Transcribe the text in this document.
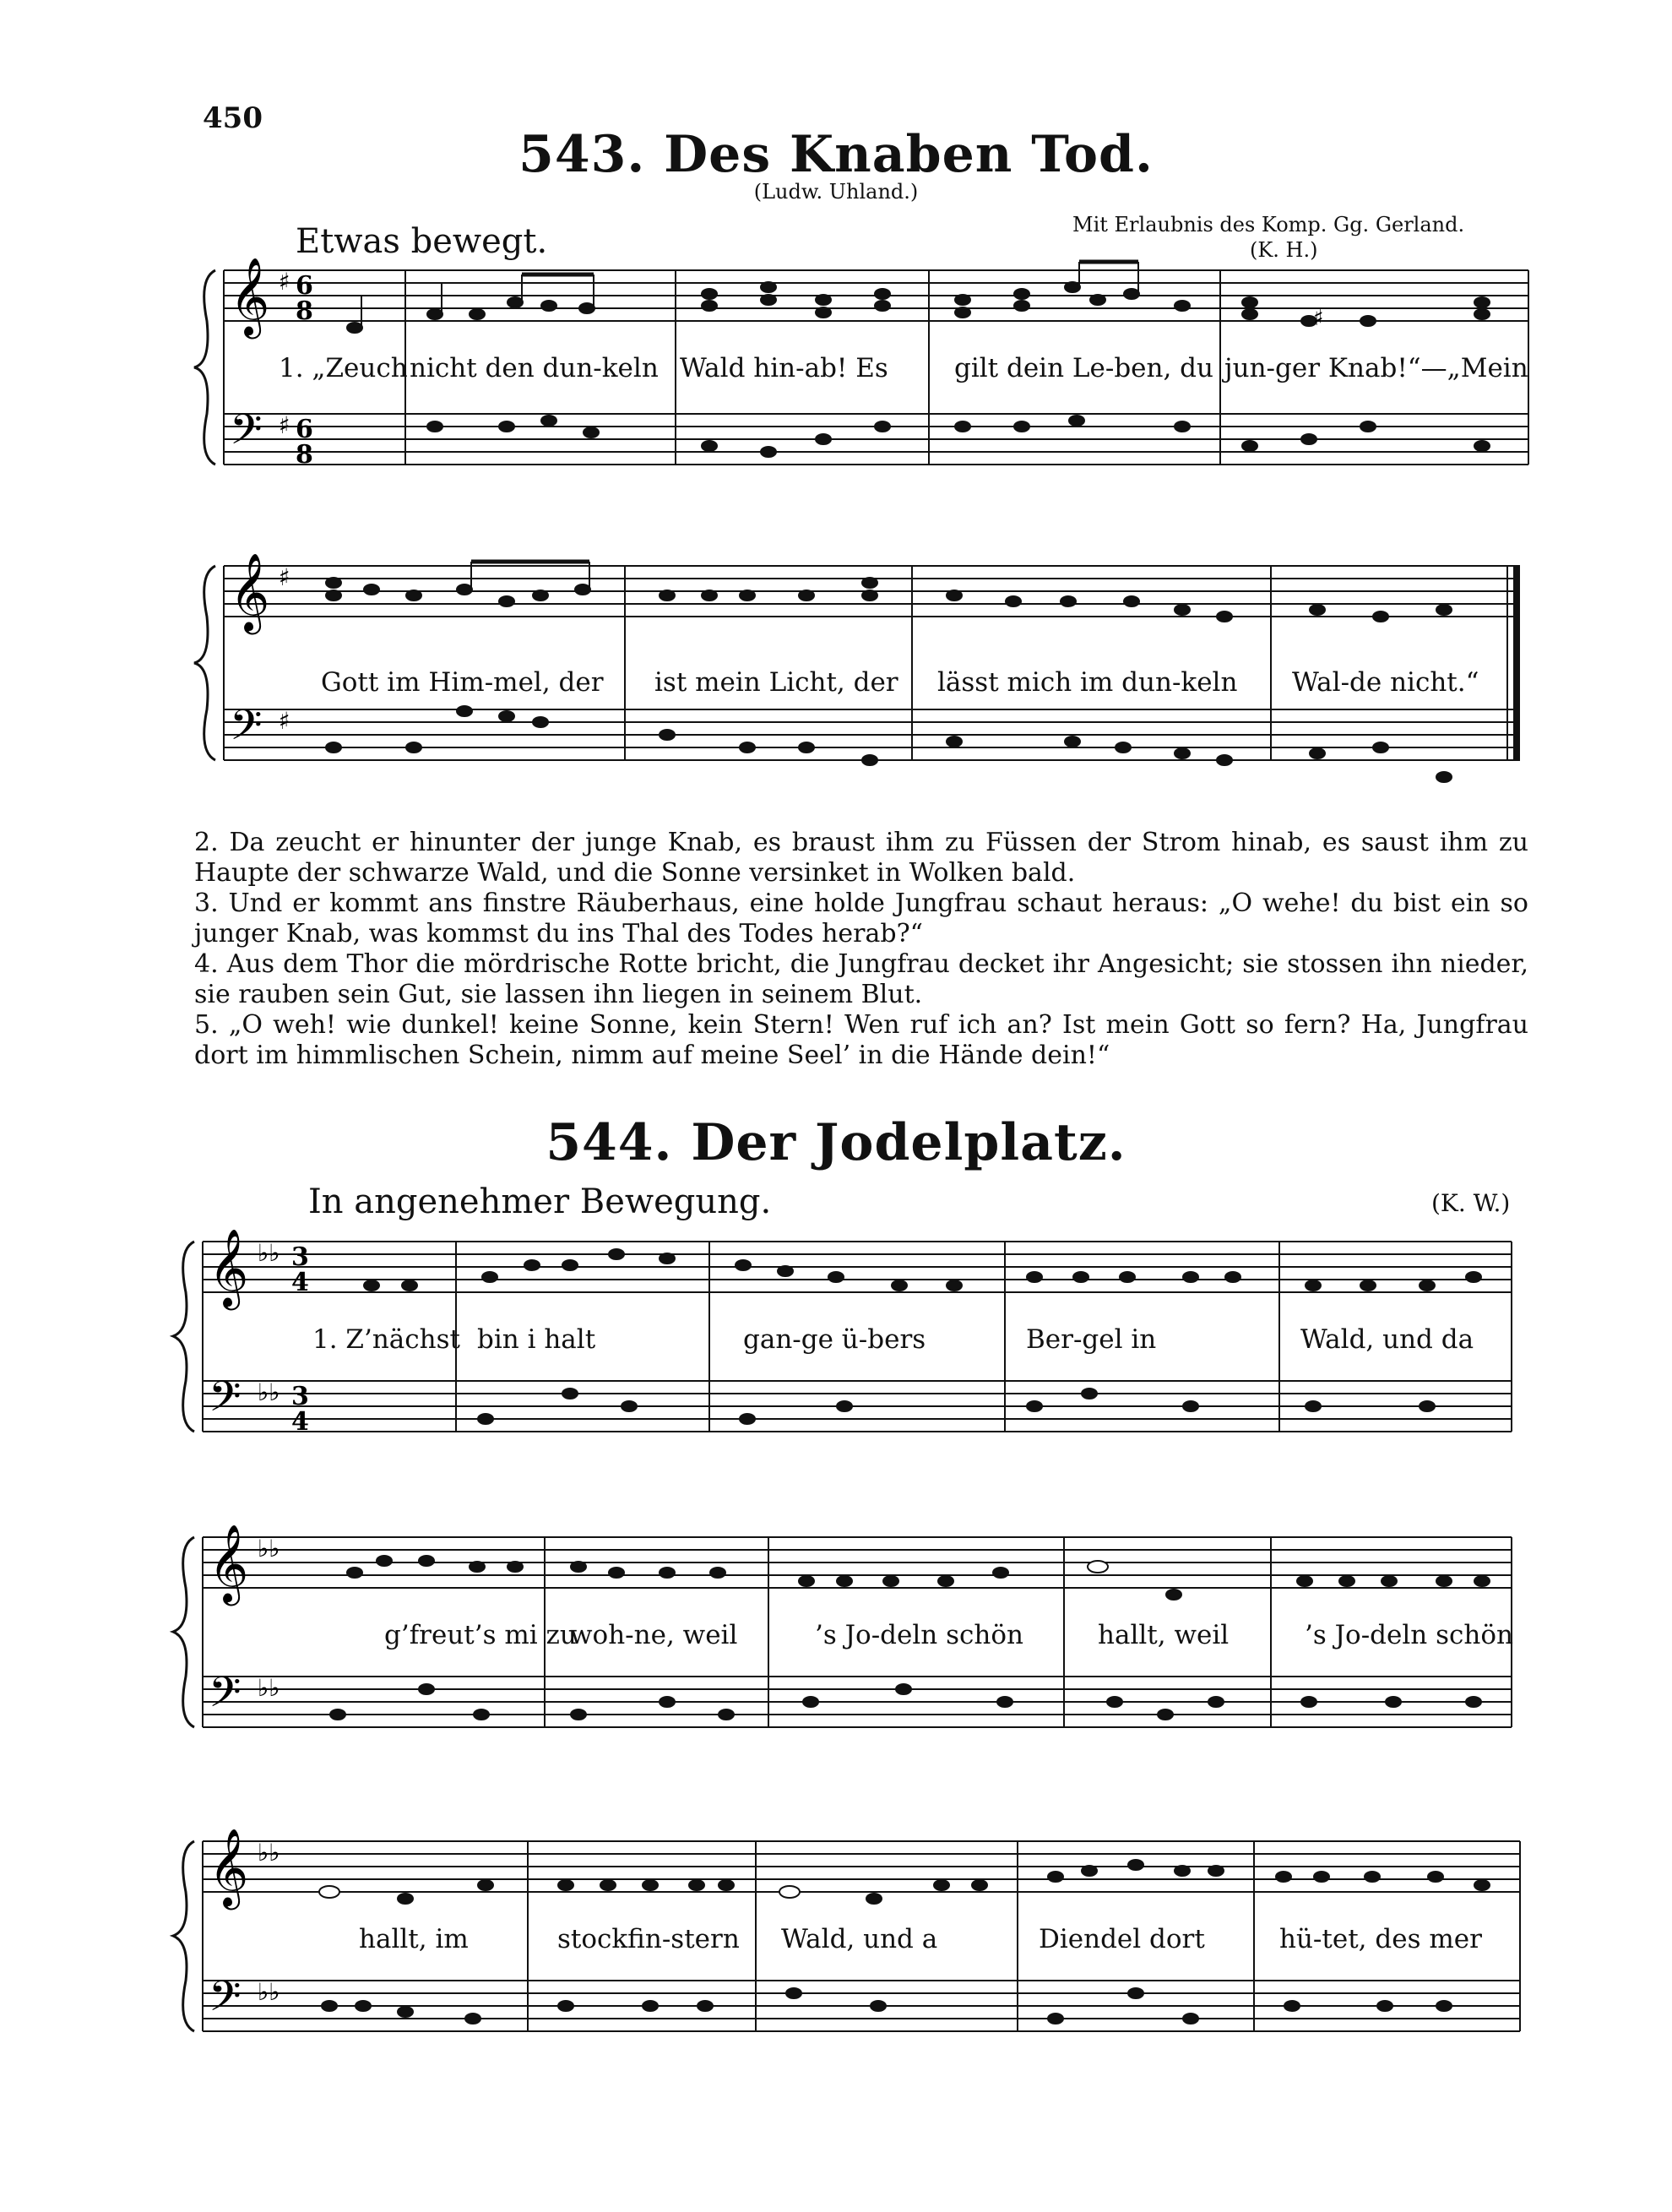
450
543. Des Knaben Tod.
(Ludw. Uhland.)
Mit Erlaubnis des Komp. Gg. Gerland.
(K. H.)
Etwas bewegt.
𝄞
𝄢
♯ 6
8
♯ 6
8
♯
1. „Zeuch nicht den dun-keln Wald hin-ab! Es	gilt dein Le-ben, du jun-ger Knab!“—„Mein
𝄞
𝄢
♯
♯
Gott im Him-mel, der ist mein Licht, der lässt mich im dun-keln Wal-de nicht.“

2. Da zeucht er hinunter der junge Knab, es braust ihm zu Füssen der Strom hinab, es saust ihm zu Haupte der schwarze Wald, und die Sonne versinket in Wolken bald.

3. Und er kommt ans finstre Räuberhaus, eine holde Jungfrau schaut heraus: „O wehe! du bist ein so junger Knab, was kommst du ins Thal des Todes herab?“

4. Aus dem Thor die mördrische Rotte bricht, die Jungfrau decket ihr Angesicht; sie stossen ihn nieder, sie rauben sein Gut, sie lassen ihn liegen in seinem Blut.

5. „O weh! wie dunkel! keine Sonne, kein Stern! Wen ruf ich an? Ist mein Gott so fern? Ha, Jungfrau dort im himmlischen Schein, nimm auf meine Seel’ in die Hände dein!“

544. Der Jodelplatz.
In angenehmer Bewegung.	(K. W.)
𝄞
𝄢
♭♭ 3
4
♭♭ 3
4
1. Z’nächst bin i halt	gan-ge ü-bers	Ber-gel in	Wald, und da
𝄞
𝄢
♭♭
♭♭
g’freut’s mi zu
woh-ne, weil	’s Jo-deln schön	hallt, weil	’s Jo-deln schön
𝄞
𝄢
♭♭
♭♭
hallt, im	stockfin-stern Wald, und a	Diendel dort	hü-tet, des mer
